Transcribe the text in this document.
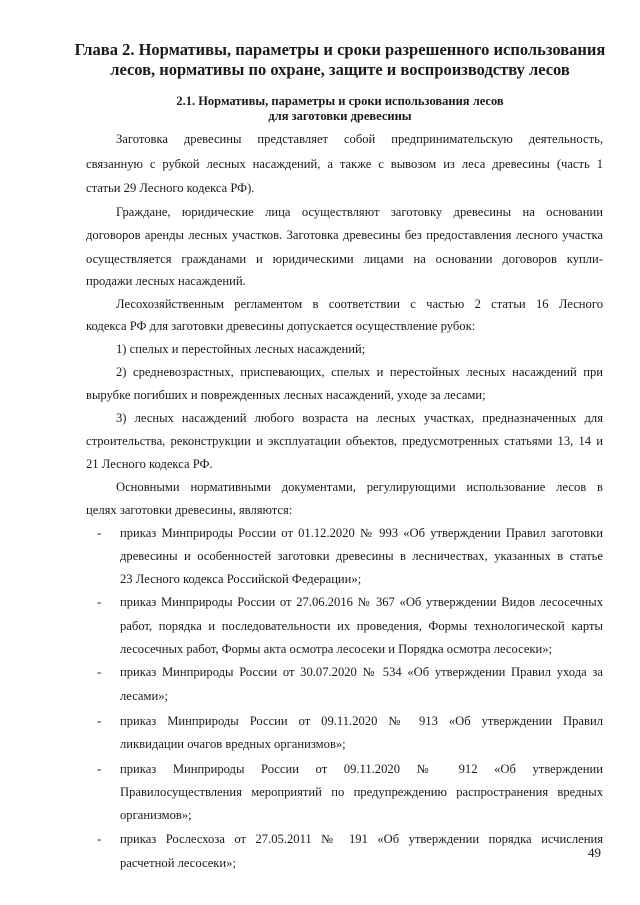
Глава 2. Нормативы, параметры и сроки разрешенного использования
лесов, нормативы по охране, защите и воспроизводству лесов
2.1. Нормативы, параметры и сроки использования лесов
для заготовки древесины
Заготовка древесины представляет собой предпринимательскую деятельность,
связанную с рубкой лесных насаждений, а также с вывозом из леса древесины (часть 1
статьи 29 Лесного кодекса РФ).
Граждане, юридические лица осуществляют заготовку древесины на основании
договоров аренды лесных участков. Заготовка древесины без предоставления лесного участка
осуществляется гражданами и юридическими лицами на основании договоров купли-
продажи лесных насаждений.
Лесохозяйственным регламентом в соответствии с частью 2 статьи 16 Лесного
кодекса РФ для заготовки древесины допускается осуществление рубок:
1) спелых и перестойных лесных насаждений;
2) средневозрастных, приспевающих, спелых и перестойных лесных насаждений при
вырубке погибших и поврежденных лесных насаждений, уходе за лесами;
3) лесных насаждений любого возраста на лесных участках, предназначенных для
строительства, реконструкции и эксплуатации объектов, предусмотренных статьями 13, 14 и
21 Лесного кодекса РФ.
Основными нормативными документами, регулирующими использование лесов в
целях заготовки древесины, являются:
- приказ Минприроды России от 01.12.2020 № 993 «Об утверждении Правил заготовки
древесины и особенностей заготовки древесины в лесничествах, указанных в статье
23 Лесного кодекса Российской Федерации»;
- приказ Минприроды России от 27.06.2016 № 367 «Об утверждении Видов лесосечных
работ, порядка и последовательности их проведения, Формы технологической карты
лесосечных работ, Формы акта осмотра лесосеки и Порядка осмотра лесосеки»;
- приказ Минприроды России от 30.07.2020 № 534 «Об утверждении Правил ухода за
лесами»;
- приказ Минприроды России от 09.11.2020 № 913 «Об утверждении Правил
ликвидации очагов вредных организмов»;
- приказ Минприроды России от 09.11.2020 № 912 «Об утверждении
Правилосуществления мероприятий по предупреждению распространения вредных
организмов»;
- приказ Рослесхоза от 27.05.2011 № 191 «Об утверждении порядка исчисления
расчетной лесосеки»;
49
